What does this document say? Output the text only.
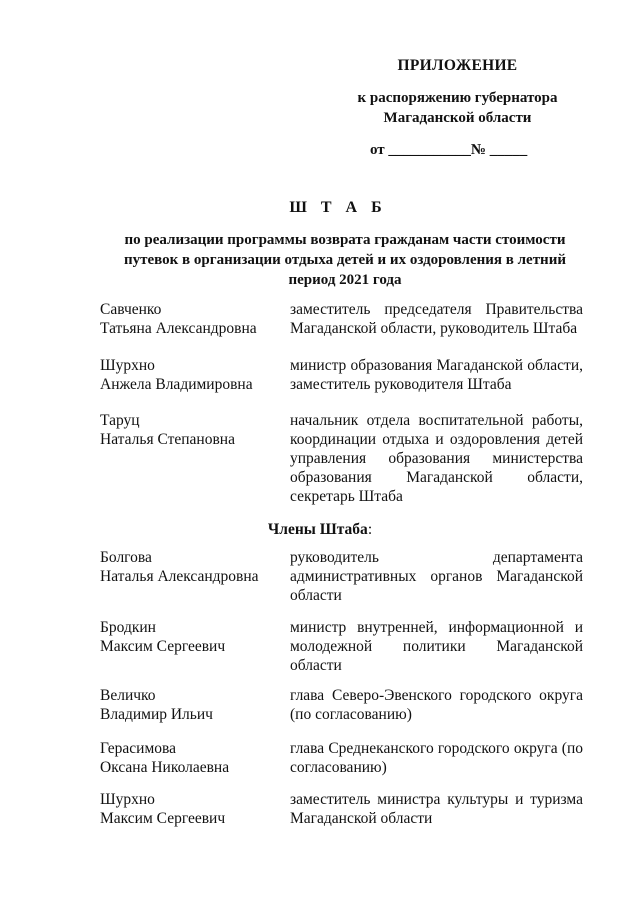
ПРИЛОЖЕНИЕ
к распоряжению губернатора
Магаданской области
от ___________№ _____
Ш Т А Б
по реализации программы возврата гражданам части стоимости путевок в организации отдыха детей и их оздоровления в летний период 2021 года
Савченко
Татьяна Александровна
заместитель председателя Правительства Магаданской области, руководитель Штаба
Шурхно
Анжела Владимировна
министр образования Магаданской области, заместитель руководителя Штаба
Таруц
Наталья Степановна
начальник отдела воспитательной работы, координации отдыха и оздоровления детей управления образования министерства образования Магаданской области, секретарь Штаба
Члены Штаба:
Болгова
Наталья Александровна
руководитель департамента административных органов Магаданской области
Бродкин
Максим Сергеевич
министр внутренней, информационной и молодежной политики Магаданской области
Величко
Владимир Ильич
глава Северо-Эвенского городского округа (по согласованию)
Герасимова
Оксана Николаевна
глава Среднеканского городского округа (по согласованию)
Шурхно
Максим Сергеевич
заместитель министра культуры и туризма Магаданской области
